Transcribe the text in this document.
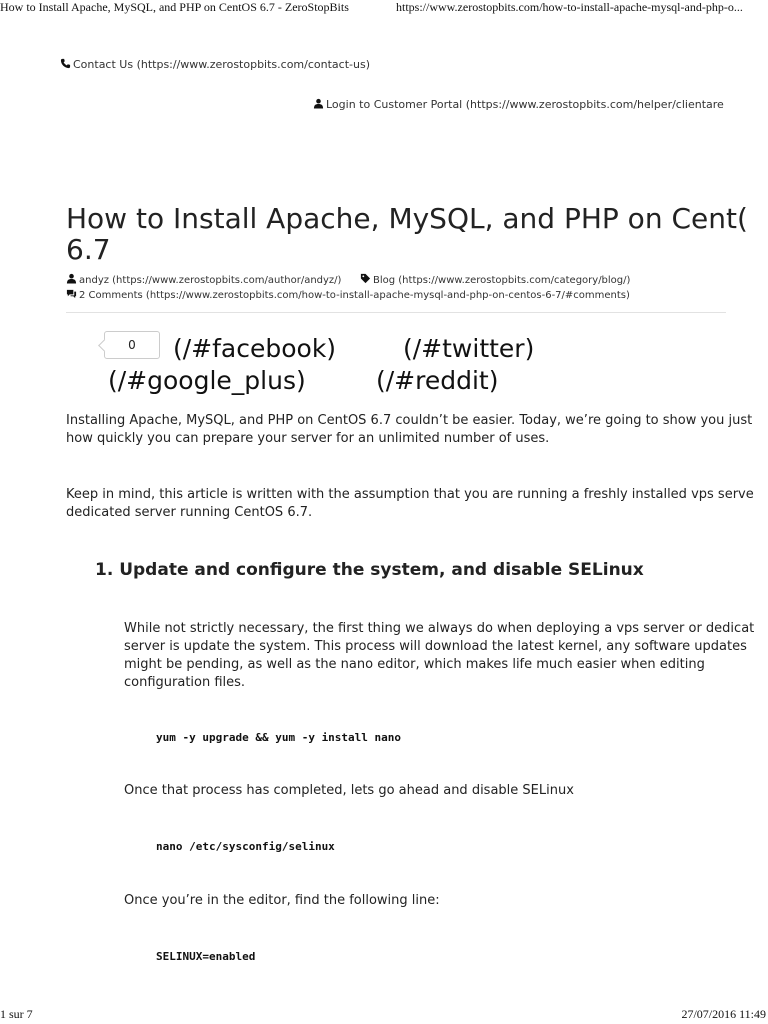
How to Install Apache, MySQL, and PHP on CentOS 6.7 - ZeroStopBits	https://www.zerostopbits.com/how-to-install-apache-mysql-and-php-o...
Contact Us (https://www.zerostopbits.com/contact-us)
Login to Customer Portal (https://www.zerostopbits.com/helper/clientare
How to Install Apache, MySQL, and PHP on Cent(
6.7
andyz (https://www.zerostopbits.com/author/andyz/)	Blog (https://www.zerostopbits.com/category/blog/)
2 Comments (https://www.zerostopbits.com/how-to-install-apache-mysql-and-php-on-centos-6-7/#comments)
0	(/#facebook)	(/#twitter)
(/#google_plus)	(/#reddit)
Installing Apache, MySQL, and PHP on CentOS 6.7 couldn’t be easier. Today, we’re going to show you just
how quickly you can prepare your server for an unlimited number of uses.
Keep in mind, this article is written with the assumption that you are running a freshly installed vps serve
dedicated server running CentOS 6.7.
1. Update and configure the system, and disable SELinux
While not strictly necessary, the first thing we always do when deploying a vps server or dedicat
server is update the system. This process will download the latest kernel, any software updates
might be pending, as well as the nano editor, which makes life much easier when editing
configuration files.
yum -y upgrade && yum -y install nano
Once that process has completed, lets go ahead and disable SELinux
nano /etc/sysconfig/selinux
Once you’re in the editor, find the following line:
SELINUX=enabled
1 sur 7	27/07/2016 11:49
